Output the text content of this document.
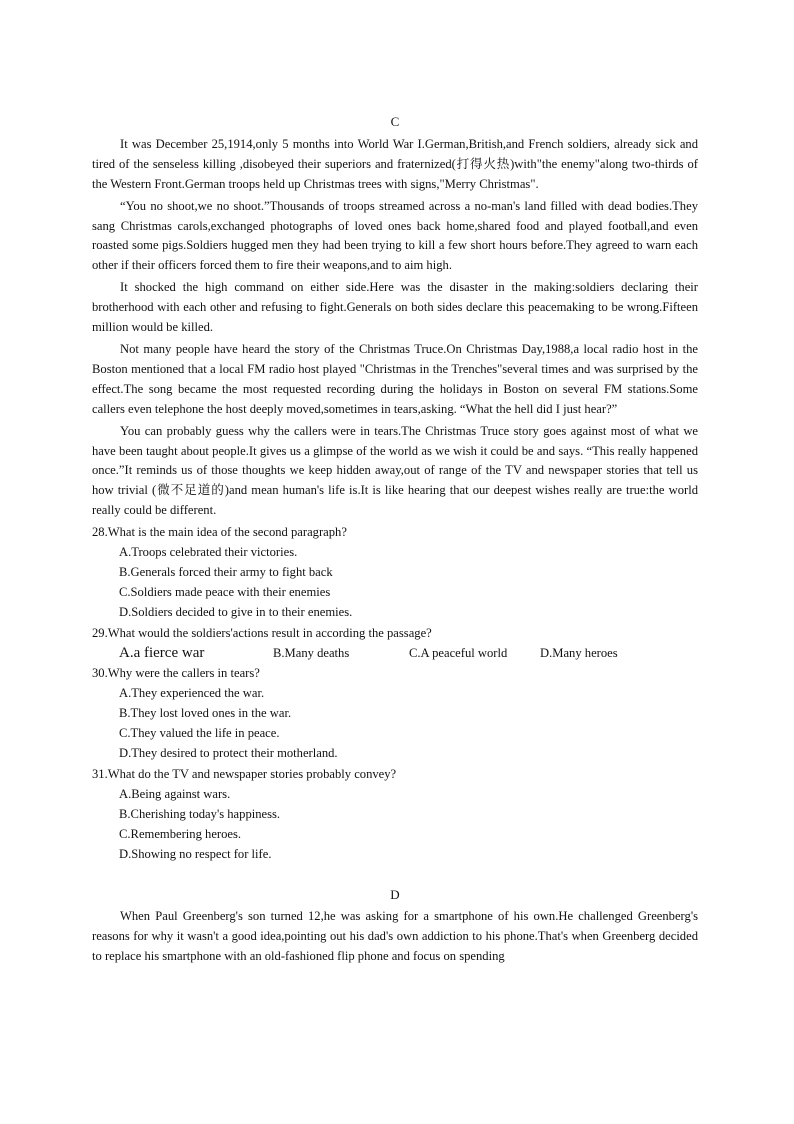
C

It was December 25,1914,only 5 months into World War I.German,British,and French soldiers, already sick and tired of the senseless killing ,disobeyed their superiors and fraternized(打得火热)with"the enemy"along two-thirds of the Western Front.German troops held up Christmas trees with signs,"Merry Christmas".

“You no shoot,we no shoot.”Thousands of troops streamed across a no-man's land filled with dead bodies.They sang Christmas carols,exchanged photographs of loved ones back home,shared food and played football,and even roasted some pigs.Soldiers hugged men they had been trying to kill a few short hours before.They agreed to warn each other if their officers forced them to fire their weapons,and to aim high.

It shocked the high command on either side.Here was the disaster in the making:soldiers declaring their brotherhood with each other and refusing to fight.Generals on both sides declare this peacemaking to be wrong.Fifteen million would be killed.

Not many people have heard the story of the Christmas Truce.On Christmas Day,1988,a local radio host in the Boston mentioned that a local FM radio host played "Christmas in the Trenches"several times and was surprised by the effect.The song became the most requested recording during the holidays in Boston on several FM stations.Some callers even telephone the host deeply moved,sometimes in tears,asking. “What the hell did I just hear?”

You can probably guess why the callers were in tears.The Christmas Truce story goes against most of what we have been taught about people.It gives us a glimpse of the world as we wish it could be and says. “This really happened once.”It reminds us of those thoughts we keep hidden away,out of range of the TV and newspaper stories that tell us how trivial (微不足道的)and mean human's life is.It is like hearing that our deepest wishes really are true:the world really could be different.

28.What is the main idea of the second paragraph?
A.Troops celebrated their victories.
B.Generals forced their army to fight back
C.Soldiers made peace with their enemies
D.Soldiers decided to give in to their enemies.
29.What would the soldiers'actions result in according the passage?
A.a fierce war	B.Many deaths	C.A peaceful world	D.Many heroes
30.Why were the callers in tears?
A.They experienced the war.
B.They lost loved ones in the war.
C.They valued the life in peace.
D.They desired to protect their motherland.
31.What do the TV and newspaper stories probably convey?
A.Being against wars.
B.Cherishing today's happiness.
C.Remembering heroes.
D.Showing no respect for life.
D

When Paul Greenberg's son turned 12,he was asking for a smartphone of his own.He challenged Greenberg's reasons for why it wasn't a good idea,pointing out his dad's own addiction to his phone.That's when Greenberg decided to replace his smartphone with an old-fashioned flip phone and focus on spending
